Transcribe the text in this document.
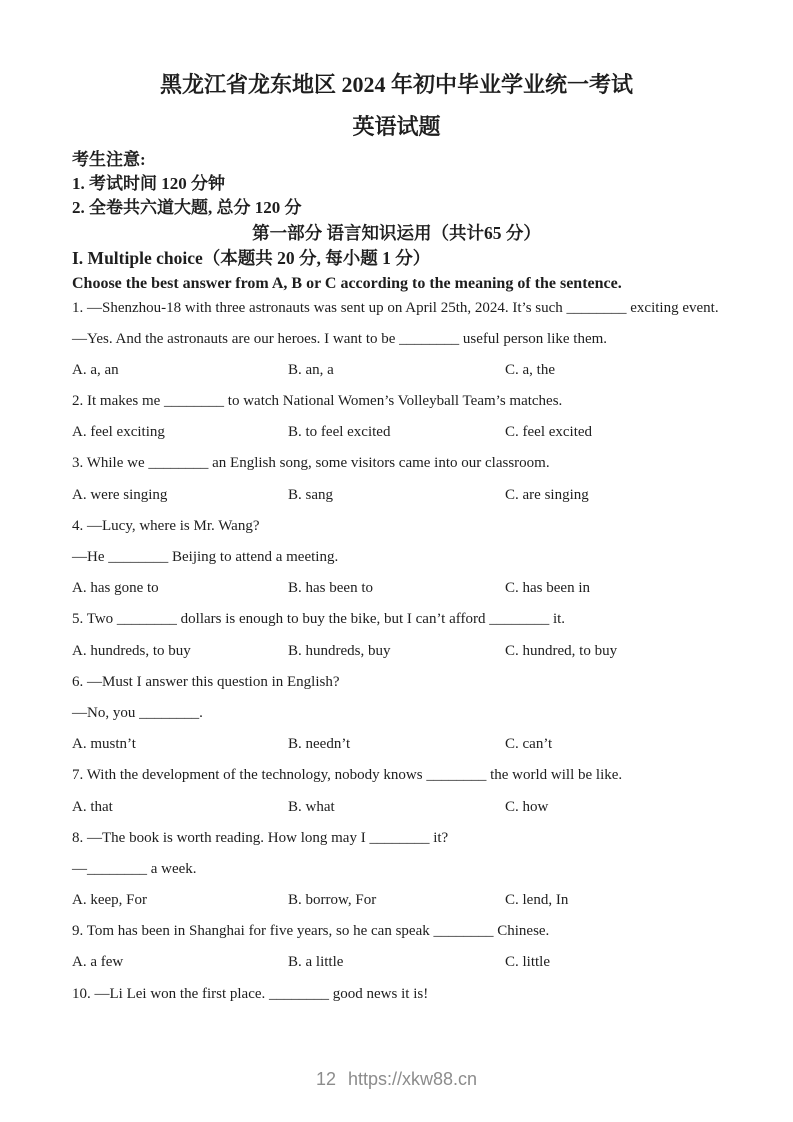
黑龙江省龙东地区 2024 年初中毕业学业统一考试
英语试题
考生注意:
1. 考试时间 120 分钟
2. 全卷共六道大题, 总分 120 分
第一部分 语言知识运用（共计65 分）
I. Multiple choice（本题共 20 分, 每小题 1 分）
Choose the best answer from A, B or C according to the meaning of the sentence.
1. —Shenzhou-18 with three astronauts was sent up on April 25th, 2024. It’s such ________ exciting event.
—Yes. And the astronauts are our heroes. I want to be ________ useful person like them.
A. a, an	B. an, a	C. a, the
2. It makes me ________ to watch National Women’s Volleyball Team’s matches.
A. feel exciting	B. to feel excited	C. feel excited
3. While we ________ an English song, some visitors came into our classroom.
A. were singing	B. sang	C. are singing
4. —Lucy, where is Mr. Wang?
—He ________ Beijing to attend a meeting.
A. has gone to	B. has been to	C. has been in
5. Two ________ dollars is enough to buy the bike, but I can’t afford ________ it.
A. hundreds, to buy	B. hundreds, buy	C. hundred, to buy
6. —Must I answer this question in English?
—No, you ________.
A. mustn’t	B. needn’t	C. can’t
7. With the development of the technology, nobody knows ________ the world will be like.
A. that	B. what	C. how
8. —The book is worth reading. How long may I ________ it?
—________ a week.
A. keep, For	B. borrow, For	C. lend, In
9. Tom has been in Shanghai for five years, so he can speak ________ Chinese.
A. a few	B. a little	C. little
10. —Li Lei won the first place. ________ good news it is!
12 https://xkw88.cn
